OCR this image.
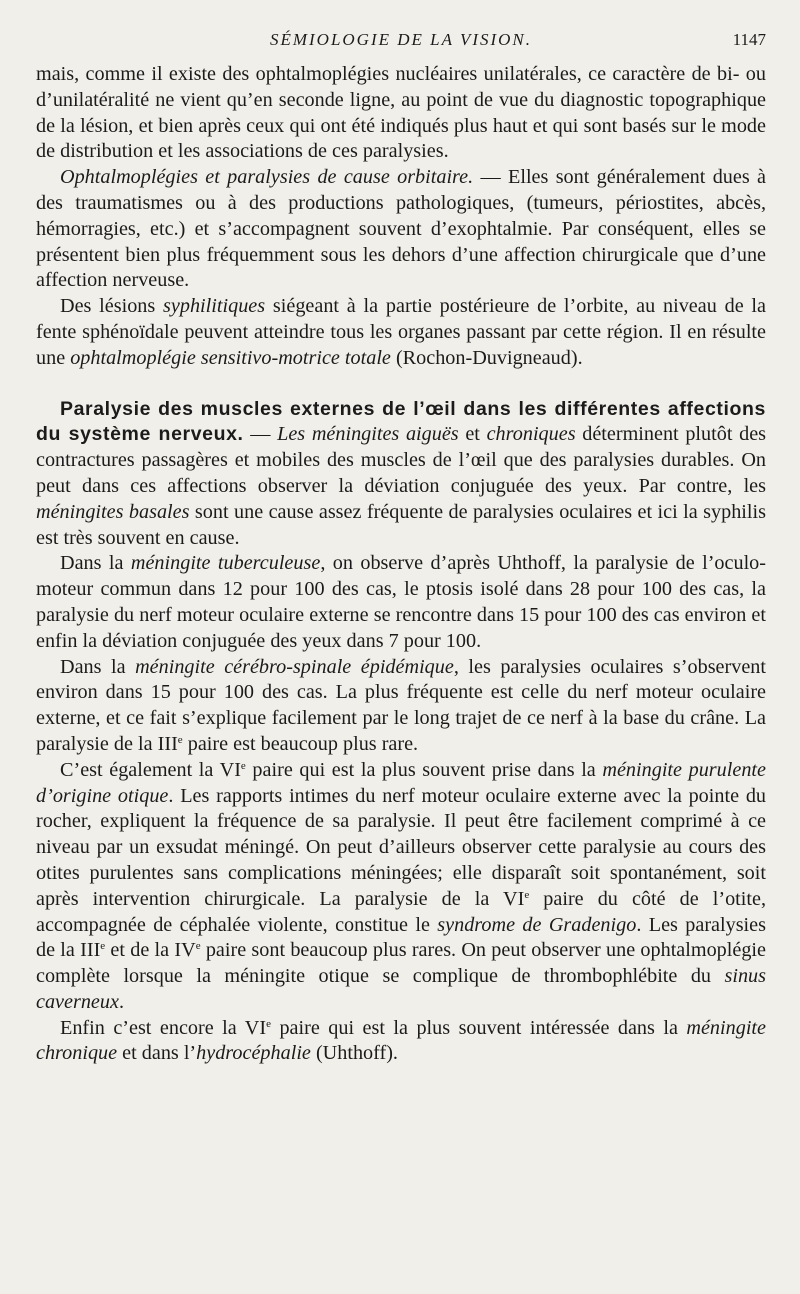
SÉMIOLOGIE DE LA VISION.	1147

mais, comme il existe des ophtalmoplégies nucléaires unilatérales, ce caractère de bi- ou d’unilatéralité ne vient qu’en seconde ligne, au point de vue du diagnostic topographique de la lésion, et bien après ceux qui ont été indiqués plus haut et qui sont basés sur le mode de distribution et les associations de ces paralysies.

Ophtalmoplégies et paralysies de cause orbitaire. — Elles sont généralement dues à des traumatismes ou à des productions pathologiques, (tumeurs, périostites, abcès, hémorragies, etc.) et s’accompagnent souvent d’exophtalmie. Par conséquent, elles se présentent bien plus fréquemment sous les dehors d’une affection chirurgicale que d’une affection nerveuse.

Des lésions syphilitiques siégeant à la partie postérieure de l’orbite, au niveau de la fente sphénoïdale peuvent atteindre tous les organes passant par cette région. Il en résulte une ophtalmoplégie sensitivo-motrice totale (Rochon-Duvigneaud).

Paralysie des muscles externes de l’œil dans les différentes affections du système nerveux. — Les méningites aiguës et chroniques déterminent plutôt des contractures passagères et mobiles des muscles de l’œil que des paralysies durables. On peut dans ces affections observer la déviation conjuguée des yeux. Par contre, les méningites basales sont une cause assez fréquente de paralysies oculaires et ici la syphilis est très souvent en cause.

Dans la méningite tuberculeuse, on observe d’après Uhthoff, la paralysie de l’oculo-moteur commun dans 12 pour 100 des cas, le ptosis isolé dans 28 pour 100 des cas, la paralysie du nerf moteur oculaire externe se rencontre dans 15 pour 100 des cas environ et enfin la déviation conjuguée des yeux dans 7 pour 100.

Dans la méningite cérébro-spinale épidémique, les paralysies oculaires s’observent environ dans 15 pour 100 des cas. La plus fréquente est celle du nerf moteur oculaire externe, et ce fait s’explique facilement par le long trajet de ce nerf à la base du crâne. La paralysie de la IIIe paire est beaucoup plus rare.

C’est également la VIe paire qui est la plus souvent prise dans la méningite purulente d’origine otique. Les rapports intimes du nerf moteur oculaire externe avec la pointe du rocher, expliquent la fréquence de sa paralysie. Il peut être facilement comprimé à ce niveau par un exsudat méningé. On peut d’ailleurs observer cette paralysie au cours des otites purulentes sans complications méningées; elle disparaît soit spontanément, soit après intervention chirurgicale. La paralysie de la VIe paire du côté de l’otite, accompagnée de céphalée violente, constitue le syndrome de Gradenigo. Les paralysies de la IIIe et de la IVe paire sont beaucoup plus rares. On peut observer une ophtalmoplégie complète lorsque la méningite otique se complique de thrombophlébite du sinus caverneux.

Enfin c’est encore la VIe paire qui est la plus souvent intéressée dans la méningite chronique et dans l’hydrocéphalie (Uhthoff).
